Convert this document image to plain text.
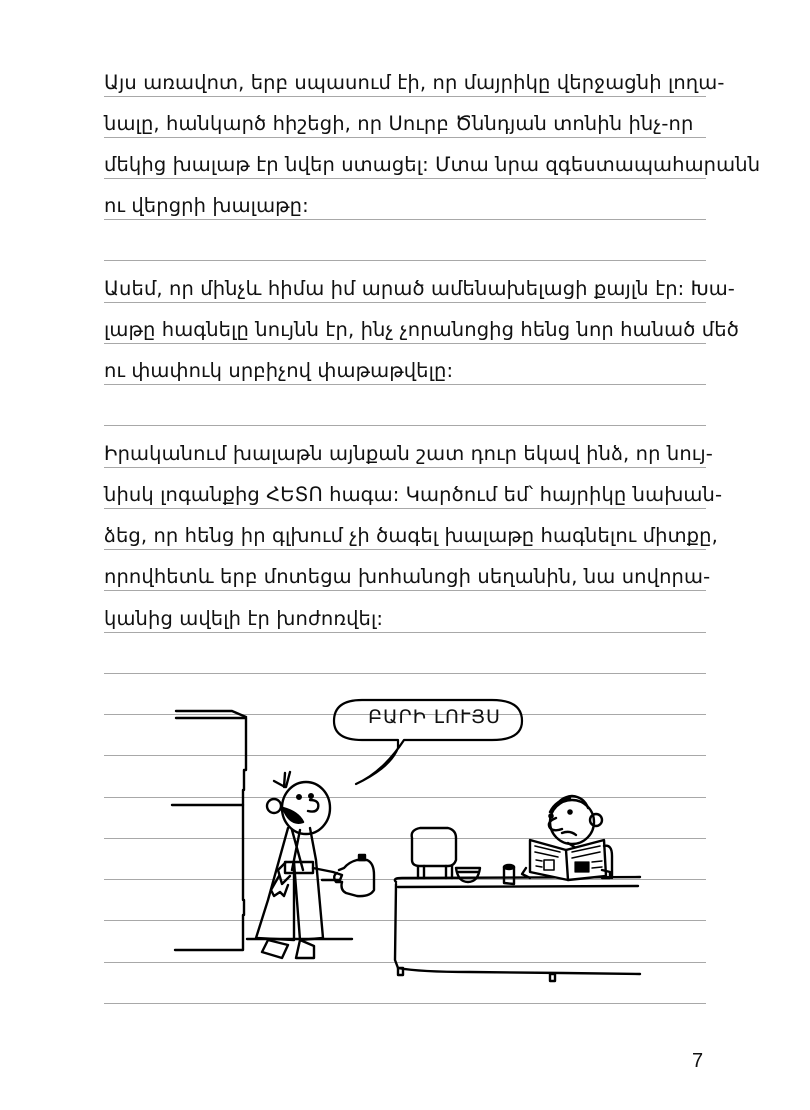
Այս առավոտ, երբ սպասում էի, որ մայրիկը վերջացնի լողա-
նալը, հանկարծ հիշեցի, որ Սուրբ Ծննդյան տոնին ինչ-որ
մեկից խալաթ էր նվեր ստացել: Մտա նրա զգեստապահարանն
ու վերցրի խալաթը:
Ասեմ, որ մինչև հիմա իմ արած ամենախելացի քայլն էր: Խա-
լաթը հագնելը նույնն էր, ինչ չորանոցից հենց նոր հանած մեծ
ու փափուկ սրբիչով փաթաթվելը:
Իրականում խալաթն այնքան շատ դուր եկավ ինձ, որ նույ-
նիսկ լոգանքից ՀԵՏՈ հագա: Կարծում եմ՝ հայրիկը նախան-
ձեց, որ հենց իր գլխում չի ծագել խալաթը հագնելու միտքը,
որովհետև երբ մոտեցա խոհանոցի սեղանին, նա սովորա-
կանից ավելի էր խոժոռվել:
ԲԱՐԻ ԼՈՒՅՍ
7
